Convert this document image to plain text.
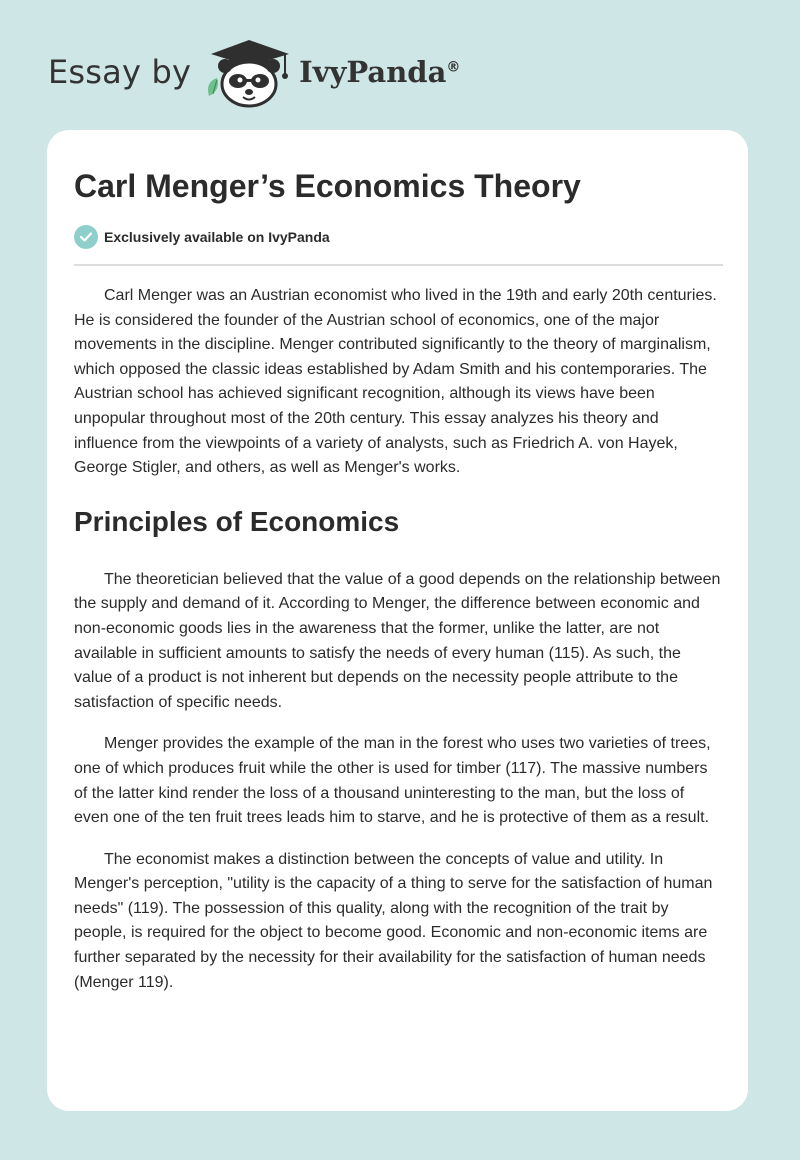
Essay by	IvyPanda®
Carl Menger’s Economics Theory
Exclusively available on IvyPanda

Carl Menger was an Austrian economist who lived in the 19th and early 20th centuries. He is considered the founder of the Austrian school of economics, one of the major movements in the discipline. Menger contributed significantly to the theory of marginalism, which opposed the classic ideas established by Adam Smith and his contemporaries. The Austrian school has achieved significant recognition, although its views have been unpopular throughout most of the 20th century. This essay analyzes his theory and influence from the viewpoints of a variety of analysts, such as Friedrich A. von Hayek, George Stigler, and others, as well as Menger's works.

Principles of Economics

The theoretician believed that the value of a good depends on the relationship between the supply and demand of it. According to Menger, the difference between economic and non-economic goods lies in the awareness that the former, unlike the latter, are not available in sufficient amounts to satisfy the needs of every human (115). As such, the value of a product is not inherent but depends on the necessity people attribute to the satisfaction of specific needs.

Menger provides the example of the man in the forest who uses two varieties of trees, one of which produces fruit while the other is used for timber (117). The massive numbers of the latter kind render the loss of a thousand uninteresting to the man, but the loss of even one of the ten fruit trees leads him to starve, and he is protective of them as a result.

The economist makes a distinction between the concepts of value and utility. In Menger's perception, "utility is the capacity of a thing to serve for the satisfaction of human needs" (119). The possession of this quality, along with the recognition of the trait by people, is required for the object to become good. Economic and non-economic items are further separated by the necessity for their availability for the satisfaction of human needs (Menger 119).
